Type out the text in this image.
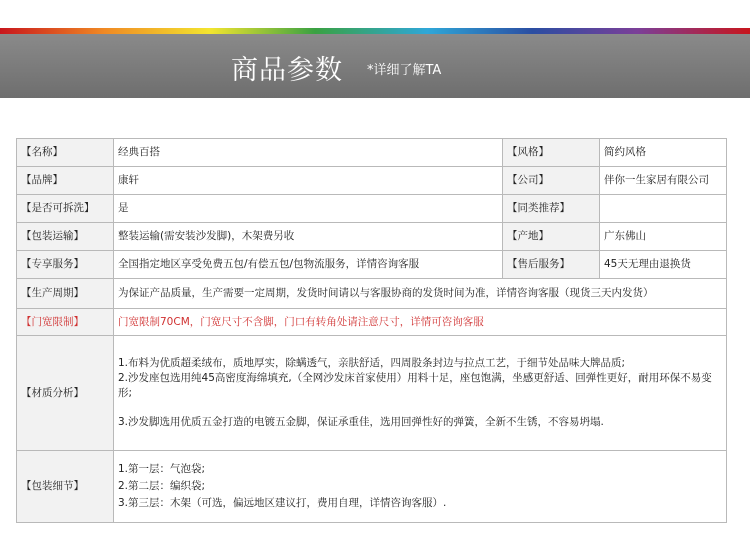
商品参数 *详细了解TA
【名称】	经典百搭	【风格】	简约风格
【品牌】	康轩	【公司】	伴你一生家居有限公司
【是否可拆洗】	是	【同类推荐】	
【包装运输】	整装运输(需安装沙发脚)，木架费另收	【产地】	广东佛山
【专享服务】	全国指定地区享受免费五包/有偿五包/包物流服务，详情咨询客服	【售后服务】	45天无理由退换货
【生产周期】	为保证产品质量，生产需要一定周期，发货时间请以与客服协商的发货时间为准，详情咨询客服（现货三天内发货）		
【门宽限制】	门宽限制70CM，门宽尺寸不含脚，门口有转角处请注意尺寸，详情可咨询客服		
【材质分析】	1.布料为优质超柔绒布，质地厚实，除螨透气，亲肤舒适，四周股条封边与拉点工艺，于细节处品味大牌品质;
2.沙发座包选用纯45高密度海绵填充,（全网沙发床首家使用）用料十足，座包饱满，坐感更舒适、回弹性更好，耐用环保不易变形;
3.沙发脚选用优质五金打造的电镀五金脚，保证承重佳，选用回弹性好的弹簧，全新不生锈，不容易坍塌.		

【包装细节】	1.第一层：气泡袋;
2.第二层：编织袋;
3.第三层：木架（可选，偏远地区建议打，费用自理，详情咨询客服）.		
